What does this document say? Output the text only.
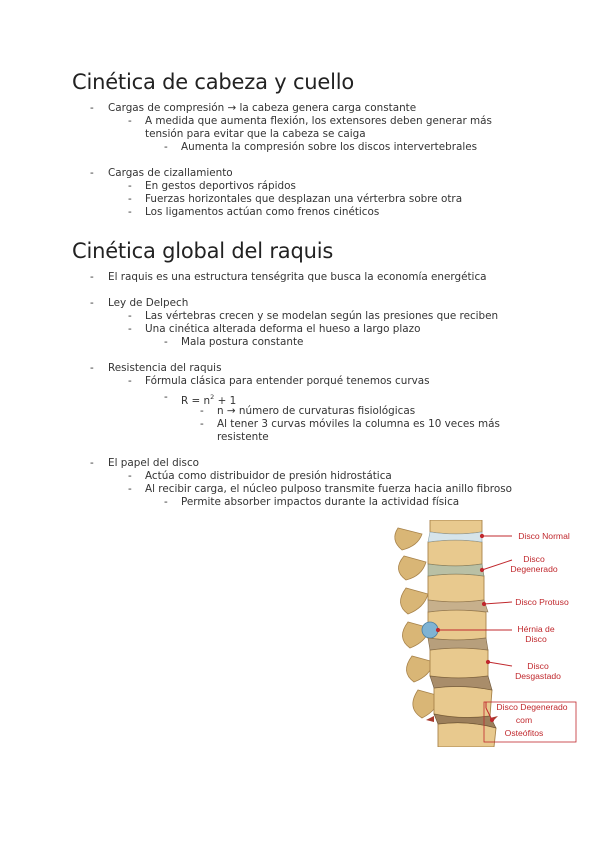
Cinética de cabeza y cuello
- Cargas de compresión → la cabeza genera carga constante
- A medida que aumenta flexión, los extensores deben generar más
tensión para evitar que la cabeza se caiga
- Aumenta la compresión sobre los discos intervertebrales
- Cargas de cizallamiento
- En gestos deportivos rápidos
- Fuerzas horizontales que desplazan una vérterbra sobre otra
- Los ligamentos actúan como frenos cinéticos
Cinética global del raquis
- El raquis es una estructura tenségrita que busca la economía energética
- Ley de Delpech
- Las vértebras crecen y se modelan según las presiones que reciben
- Una cinética alterada deforma el hueso a largo plazo
- Mala postura constante
- Resistencia del raquis
- Fórmula clásica para entender porqué tenemos curvas
- $R = n^2 + 1$
- n → número de curvaturas fisiológicas
- Al tener 3 curvas móviles la columna es 10 veces más
resistente
- El papel del disco
- Actúa como distribuidor de presión hidrostática
- Al recibir carga, el núcleo pulposo transmite fuerza hacia anillo fibroso
- Permite absorber impactos durante la actividad física
Disco Normal
Disco
Degenerado
Disco Protuso
Hérnia de
Disco
Disco
Desgastado
Disco Degenerado
com
Osteófitos
